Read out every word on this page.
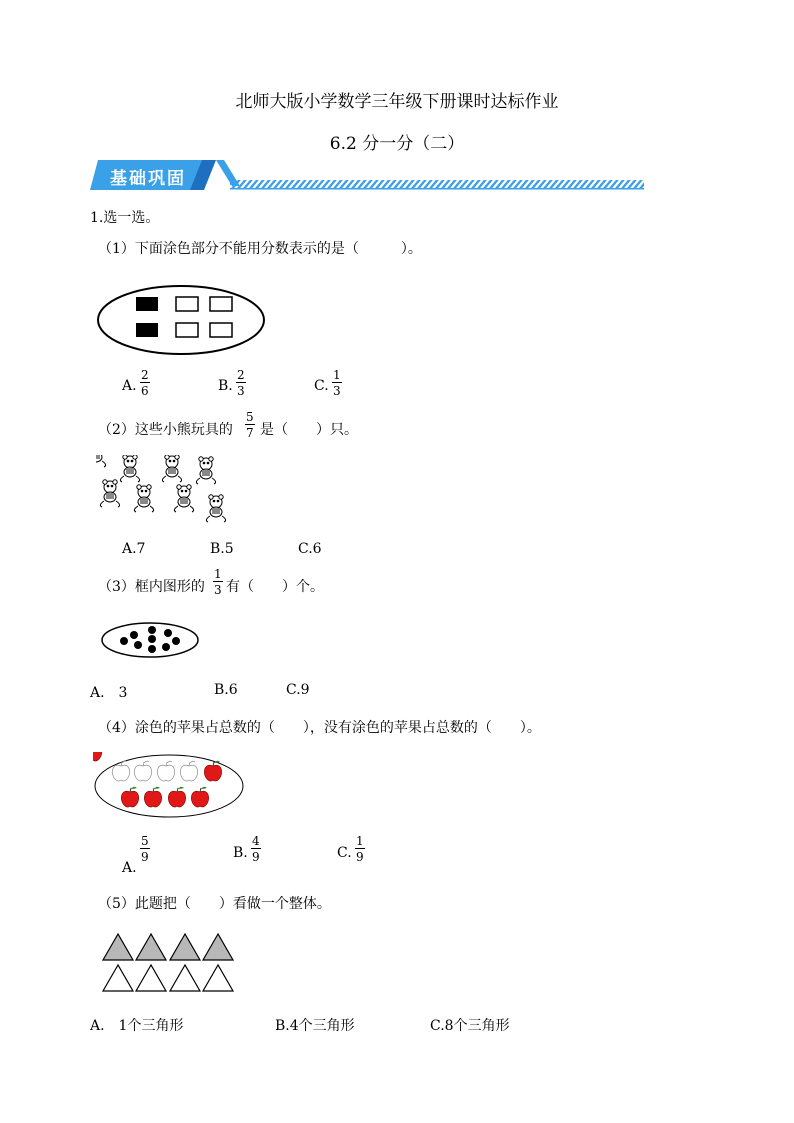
北师大版小学数学三年级下册课时达标作业
6.2 分一分（二）
基础巩固
1.选一选。
（1）下面涂色部分不能用分数表示的是（　　　）。
A. $\frac{2}{6}$	B. $\frac{2}{3}$	C. $\frac{1}{3}$
（2）这些小熊玩具的 $\frac{5}{7}$ 是（　　）只。
A.7	B.5	C.6
（3）框内图形的 $\frac{1}{3}$ 有（　　）个。
A.　3	B.6	C.9
（4）涂色的苹果占总数的（　　），没有涂色的苹果占总数的（　　）。
A.
$\frac{5}{9}$	B. $\frac{4}{9}$	C. $\frac{1}{9}$
（5）此题把（　　）看做一个整体。
A.　1个三角形	B.4个三角形	C.8个三角形
